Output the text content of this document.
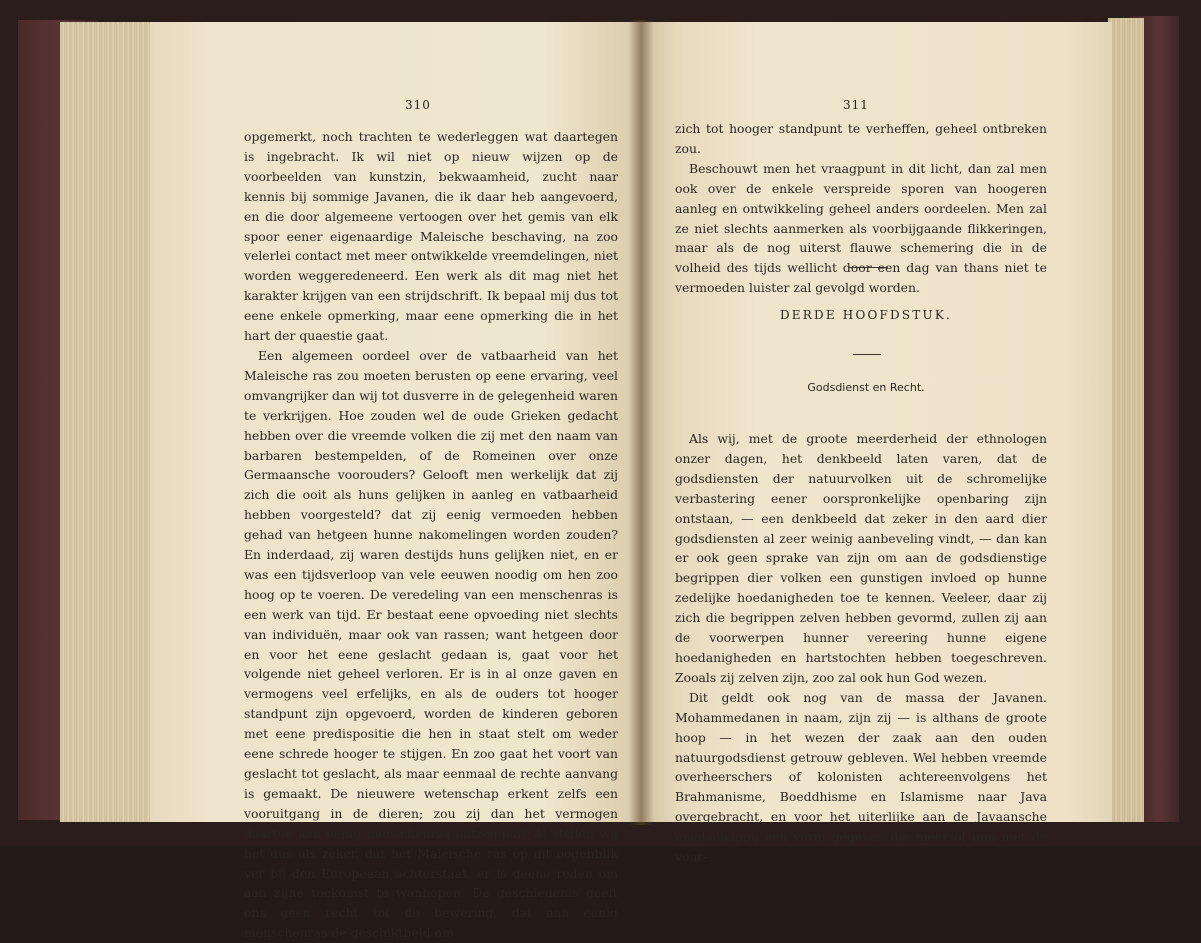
310

opgemerkt, noch trachten te wederleggen wat daartegen is ingebracht. Ik wil niet op nieuw wijzen op de voorbeelden van kunstzin, bekwaamheid, zucht naar kennis bij sommige Javanen, die ik daar heb aangevoerd, en die door algemeene vertoogen over het gemis van elk spoor eener eigenaardige Maleische beschaving, na zoo velerlei contact met meer ontwikkelde vreemdelingen, niet worden weggeredeneerd. Een werk als dit mag niet het karakter krijgen van een strijdschrift. Ik bepaal mij dus tot eene enkele opmerking, maar eene opmerking die in het hart der quaestie gaat.

Een algemeen oordeel over de vatbaarheid van het Maleische ras zou moeten berusten op eene ervaring, veel omvangrijker dan wij tot dusverre in de gelegenheid waren te verkrijgen. Hoe zouden wel de oude Grieken gedacht hebben over die vreemde volken die zij met den naam van barbaren bestempelden, of de Romeinen over onze Germaansche voorouders? Gelooft men werkelijk dat zij zich die ooit als huns gelijken in aanleg en vatbaarheid hebben voorgesteld? dat zij eenig vermoeden hebben gehad van hetgeen hunne nakomelingen worden zouden? En inderdaad, zij waren destijds huns gelijken niet, en er was een tijdsverloop van vele eeuwen noodig om hen zoo hoog op te voeren. De veredeling van een menschenras is een werk van tijd. Er bestaat eene opvoeding niet slechts van individuën, maar ook van rassen; want hetgeen door en voor het eene geslacht gedaan is, gaat voor het volgende niet geheel verloren. Er is in al onze gaven en vermogens veel erfelijks, en als de ouders tot hooger standpunt zijn opgevoerd, worden de kinderen geboren met eene predispositie die hen in staat stelt om weder eene schrede hooger te stijgen. En zoo gaat het voort van geslacht tot geslacht, als maar eenmaal de rechte aanvang is gemaakt. De nieuwere wetenschap erkent zelfs een vooruitgang in de dieren; zou zij dan het vermogen daartoe aan eenig menschenras ontzeggen? Al stellen wij het dus als zeker, dat het Maleische ras op dit oogenblik ver bij den Europeaan achterstaat, er is geene reden om aan zijne toekomst te wanhopen. De geschiedenis geeft ons geen recht tot de bewering, dat aan eenig menschenras de geschiktheid om

311

zich tot hooger standpunt te verheffen, geheel ontbreken zou.

Beschouwt men het vraagpunt in dit licht, dan zal men ook over de enkele verspreide sporen van hoogeren aanleg en ontwikkeling geheel anders oordeelen. Men zal ze niet slechts aanmerken als voorbijgaande flikkeringen, maar als de nog uiterst flauwe schemering die in de volheid des tijds wellicht door een dag van thans niet te vermoeden luister zal gevolgd worden.

DERDE HOOFDSTUK.
Godsdienst en Recht.

Als wij, met de groote meerderheid der ethnologen onzer dagen, het denkbeeld laten varen, dat de godsdiensten der natuurvolken uit de schromelijke verbastering eener oorspronkelijke openbaring zijn ontstaan, — een denkbeeld dat zeker in den aard dier godsdiensten al zeer weinig aanbeveling vindt, — dan kan er ook geen sprake van zijn om aan de godsdienstige begrippen dier volken een gunstigen invloed op hunne zedelijke hoedanigheden toe te kennen. Veeleer, daar zij zich die begrippen zelven hebben gevormd, zullen zij aan de voorwerpen hunner vereering hunne eigene hoedanigheden en hartstochten hebben toegeschreven. Zooals zij zelven zijn, zoo zal ook hun God wezen.

Dit geldt ook nog van de massa der Javanen. Mohammedanen in naam, zijn zij — is althans de groote hoop — in het wezen der zaak aan den ouden natuurgodsdienst getrouw gebleven. Wel hebben vreemde overheerschers of kolonisten achtereenvolgens het Brahmanisme, Boeddhisme en Islamisme naar Java overgebracht, en voor het uiterlijke aan de Javaansche maatschappij een vorm gegeven die meer of min met de voor-
